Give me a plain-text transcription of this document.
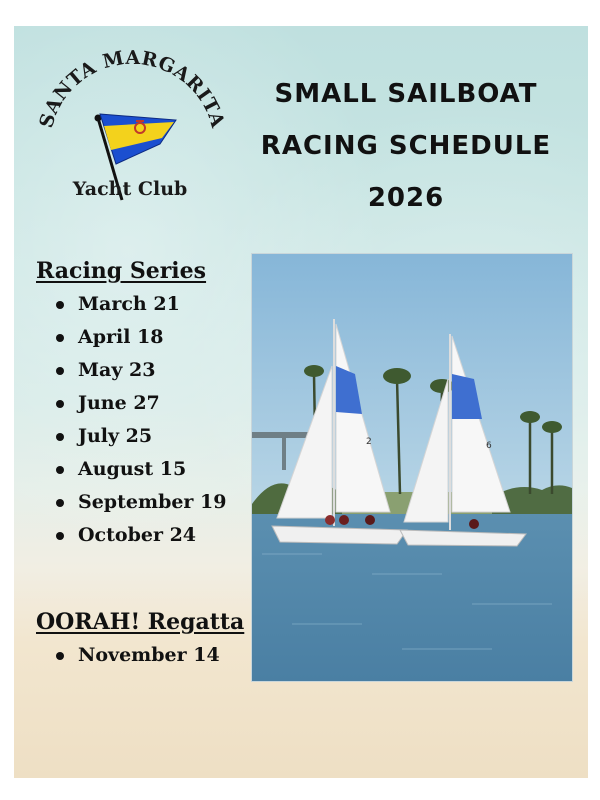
SANTA MARGARITA
Yacht Club
SMALL SAILBOAT
RACING SCHEDULE
2026
Racing Series
March 21
April 18
May 23
June 27
July 25
August 15
September 19
October 24
OORAH! Regatta
November 14
2	6
